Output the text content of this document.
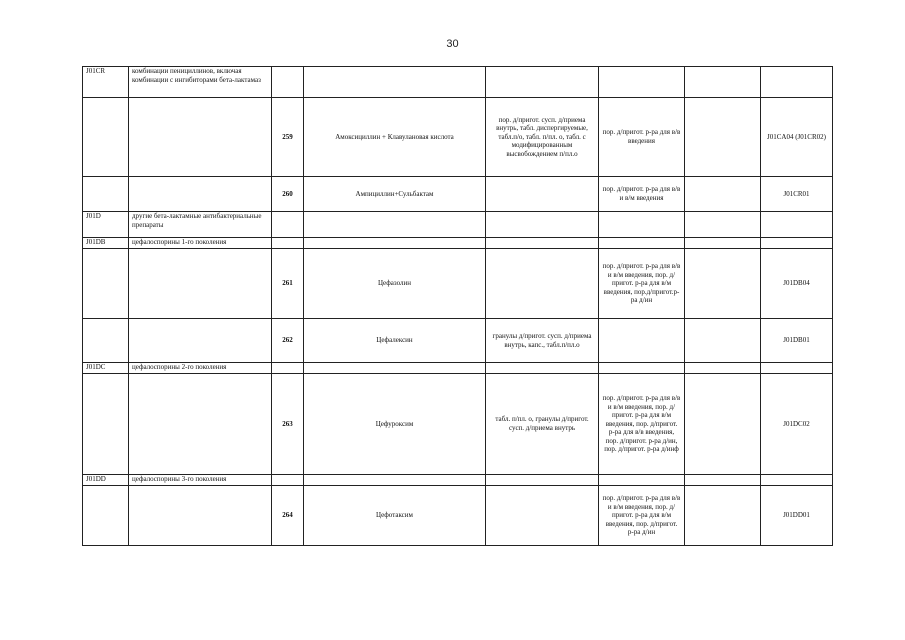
30
J01CR	комбинации пенициллинов, включая комбинации с ингибиторами бета-лактамаз						
		259	Амоксициллин + Клавулановая кислота	пор. д/пригот. сусп. д/приема внутрь, табл. диспергируемые, табл.п/о, табл. п/пл. о, табл. с модифицированным высвобождением п/пл.о	пор. д/пригот. р-ра для в/в введения		J01CA04 (J01CR02)
		260	Ампициллин+Сульбактам		пор. д/пригот. р-ра для в/в и в/м введения		J01CR01
J01D	другие бета-лактамные антибактериальные препараты						
J01DB	цефалоспорины 1-го поколения						
		261	Цефазолин		пор. д/пригот. р-ра для в/в и в/м введения, пор. д/пригот. р-ра для в/м введения, пор.д/пригот.р-ра д/ин		J01DB04
		262	Цефалексин	гранулы д/пригот. сусп. д/приема внутрь, капс., табл.п/пл.о			J01DB01
J01DC	цефалоспорины 2-го поколения						
		263	Цефуроксим	табл. п/пл. о, гранулы д/пригот. сусп. д/приема внутрь	пор. д/пригот. р-ра для в/в и в/м введения, пор. д/пригот. р-ра для в/м введения, пор. д/пригот. р-ра для в/в введения, пор. д/пригот. р-ра д/ин, пор. д/пригот. р-ра д/инф		J01DC02
J01DD	цефалоспорины 3-го поколения						
		264	Цефотаксим		пор. д/пригот. р-ра для в/в и в/м введения, пор. д/пригот. р-ра для в/м введения, пор. д/пригот. р-ра д/ин		J01DD01
